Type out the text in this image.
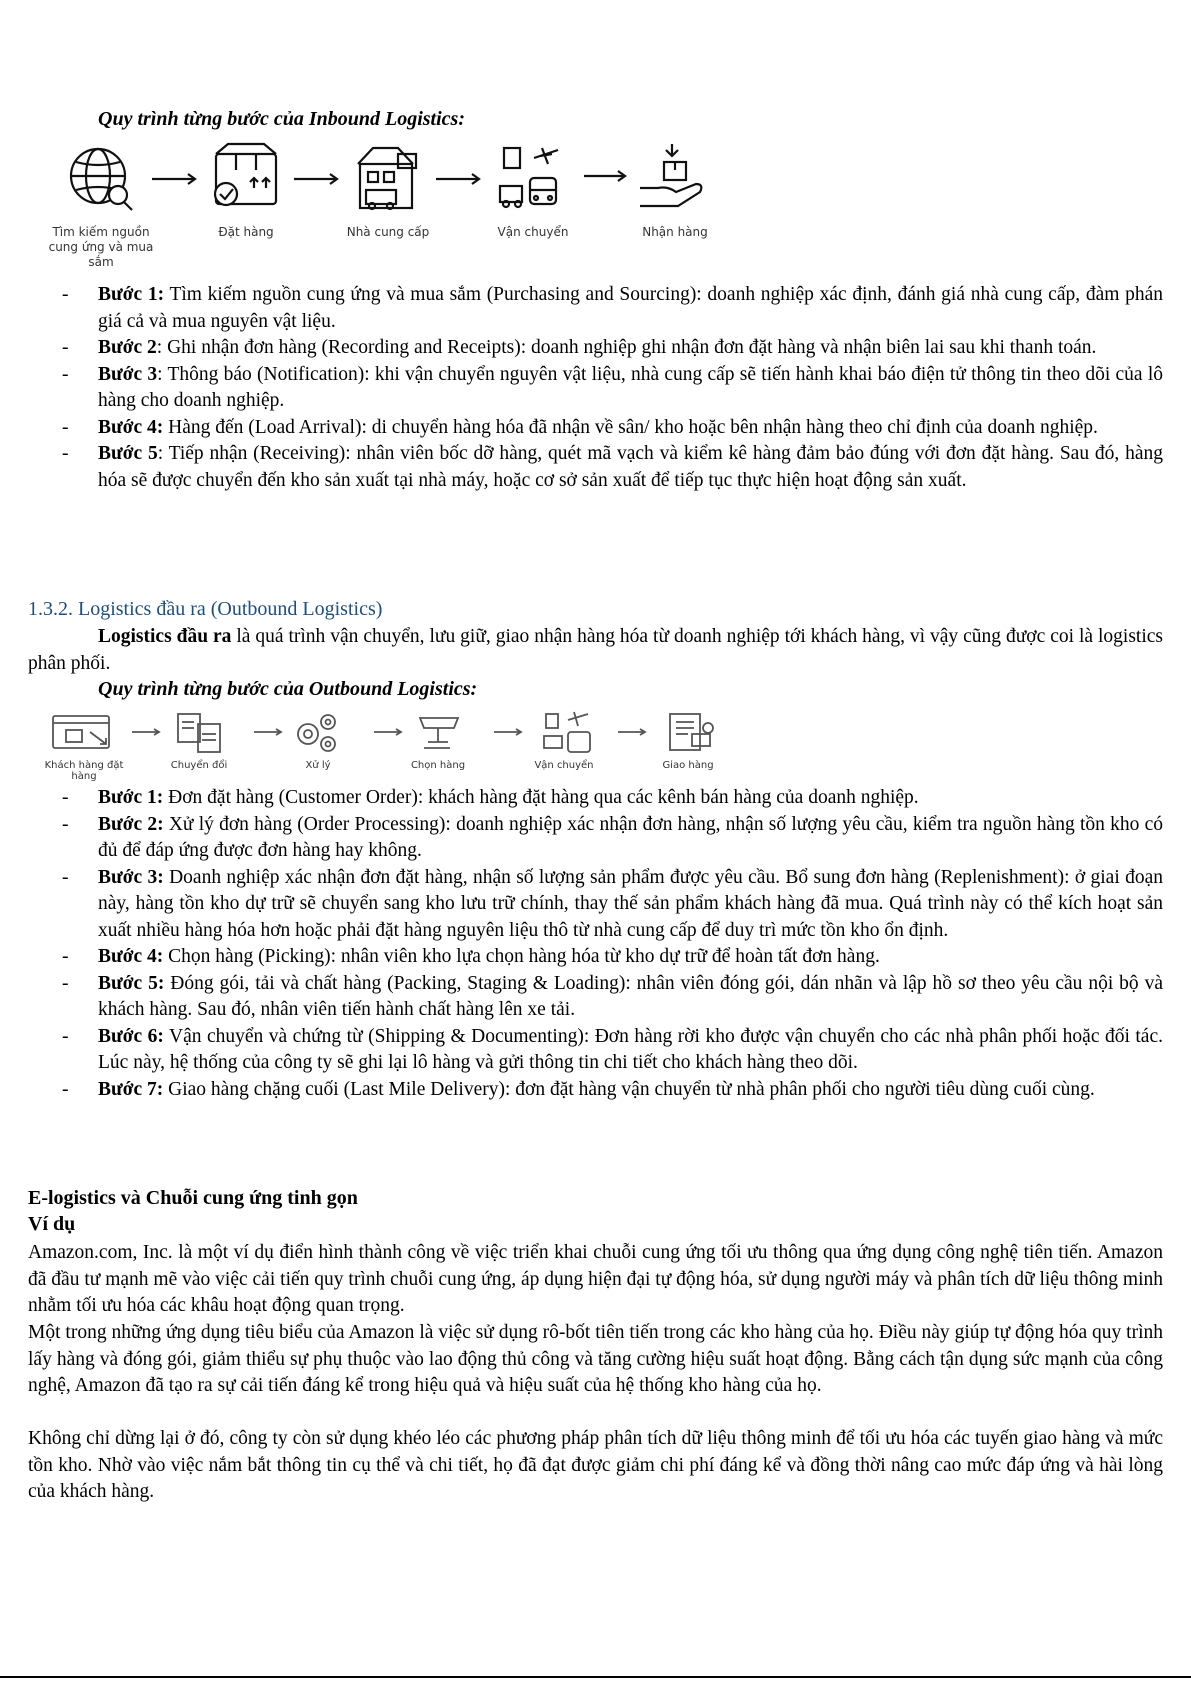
Quy trình từng bước của Inbound Logistics:
Tìm kiếm nguồn cung ứng và mua sắm
Đặt hàng	Nhà cung cấp	Vận chuyển	Nhận hàng
- Bước 1: Tìm kiếm nguồn cung ứng và mua sắm (Purchasing and Sourcing): doanh nghiệp xác định, đánh giá nhà cung cấp, đàm phán giá cả và mua nguyên vật liệu.
- Bước 2: Ghi nhận đơn hàng (Recording and Receipts): doanh nghiệp ghi nhận đơn đặt hàng và nhận biên lai sau khi thanh toán.
- Bước 3: Thông báo (Notification): khi vận chuyển nguyên vật liệu, nhà cung cấp sẽ tiến hành khai báo điện tử thông tin theo dõi của lô hàng cho doanh nghiệp.
- Bước 4: Hàng đến (Load Arrival): di chuyển hàng hóa đã nhận về sân/ kho hoặc bên nhận hàng theo chỉ định của doanh nghiệp.
- Bước 5: Tiếp nhận (Receiving): nhân viên bốc dỡ hàng, quét mã vạch và kiểm kê hàng đảm bảo đúng với đơn đặt hàng. Sau đó, hàng hóa sẽ được chuyển đến kho sản xuất tại nhà máy, hoặc cơ sở sản xuất để tiếp tục thực hiện hoạt động sản xuất.
1.3.2. Logistics đầu ra (Outbound Logistics)
Logistics đầu ra là quá trình vận chuyển, lưu giữ, giao nhận hàng hóa từ doanh nghiệp tới khách hàng, vì vậy cũng được coi là logistics phân phối.
Quy trình từng bước của Outbound Logistics:
Khách hàng đặt hàng
Chuyển đổi	Xử lý	Chọn hàng	Vận chuyển	Giao hàng
- Bước 1: Đơn đặt hàng (Customer Order): khách hàng đặt hàng qua các kênh bán hàng của doanh nghiệp.
- Bước 2: Xử lý đơn hàng (Order Processing): doanh nghiệp xác nhận đơn hàng, nhận số lượng yêu cầu, kiểm tra nguồn hàng tồn kho có đủ để đáp ứng được đơn hàng hay không.
- Bước 3: Doanh nghiệp xác nhận đơn đặt hàng, nhận số lượng sản phẩm được yêu cầu. Bổ sung đơn hàng (Replenishment): ở giai đoạn này, hàng tồn kho dự trữ sẽ chuyển sang kho lưu trữ chính, thay thế sản phẩm khách hàng đã mua. Quá trình này có thể kích hoạt sản xuất nhiều hàng hóa hơn hoặc phải đặt hàng nguyên liệu thô từ nhà cung cấp để duy trì mức tồn kho ổn định.
- Bước 4: Chọn hàng (Picking): nhân viên kho lựa chọn hàng hóa từ kho dự trữ để hoàn tất đơn hàng.
- Bước 5: Đóng gói, tải và chất hàng (Packing, Staging & Loading): nhân viên đóng gói, dán nhãn và lập hồ sơ theo yêu cầu nội bộ và khách hàng. Sau đó, nhân viên tiến hành chất hàng lên xe tải.
- Bước 6: Vận chuyển và chứng từ (Shipping & Documenting): Đơn hàng rời kho được vận chuyển cho các nhà phân phối hoặc đối tác. Lúc này, hệ thống của công ty sẽ ghi lại lô hàng và gửi thông tin chi tiết cho khách hàng theo dõi.
- Bước 7: Giao hàng chặng cuối (Last Mile Delivery): đơn đặt hàng vận chuyển từ nhà phân phối cho người tiêu dùng cuối cùng.
E-logistics và Chuỗi cung ứng tinh gọn
Ví dụ
Amazon.com, Inc. là một ví dụ điển hình thành công về việc triển khai chuỗi cung ứng tối ưu thông qua ứng dụng công nghệ tiên tiến. Amazon đã đầu tư mạnh mẽ vào việc cải tiến quy trình chuỗi cung ứng, áp dụng hiện đại tự động hóa, sử dụng người máy và phân tích dữ liệu thông minh nhằm tối ưu hóa các khâu hoạt động quan trọng.
Một trong những ứng dụng tiêu biểu của Amazon là việc sử dụng rô-bốt tiên tiến trong các kho hàng của họ. Điều này giúp tự động hóa quy trình lấy hàng và đóng gói, giảm thiểu sự phụ thuộc vào lao động thủ công và tăng cường hiệu suất hoạt động. Bằng cách tận dụng sức mạnh của công nghệ, Amazon đã tạo ra sự cải tiến đáng kể trong hiệu quả và hiệu suất của hệ thống kho hàng của họ.
Không chỉ dừng lại ở đó, công ty còn sử dụng khéo léo các phương pháp phân tích dữ liệu thông minh để tối ưu hóa các tuyến giao hàng và mức tồn kho. Nhờ vào việc nắm bắt thông tin cụ thể và chi tiết, họ đã đạt được giảm chi phí đáng kể và đồng thời nâng cao mức đáp ứng và hài lòng của khách hàng.
